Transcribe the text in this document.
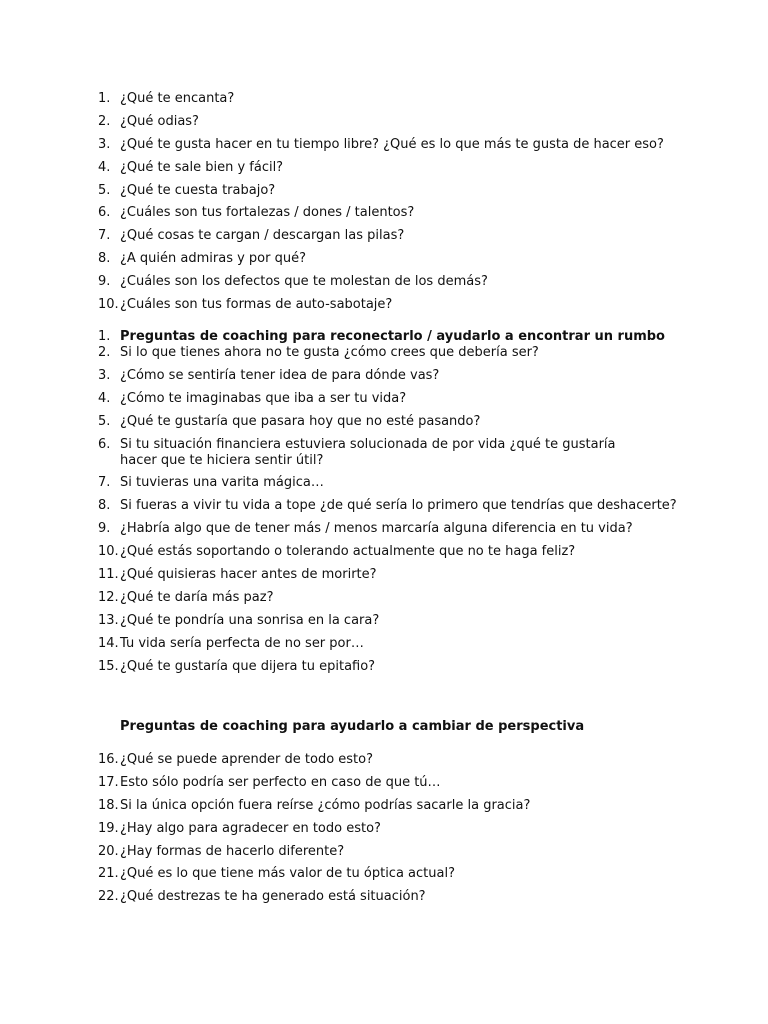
1. ¿Qué te encanta?
2. ¿Qué odias?
3. ¿Qué te gusta hacer en tu tiempo libre? ¿Qué es lo que más te gusta de hacer eso?
4. ¿Qué te sale bien y fácil?
5. ¿Qué te cuesta trabajo?
6. ¿Cuáles son tus fortalezas / dones / talentos?
7. ¿Qué cosas te cargan / descargan las pilas?
8. ¿A quién admiras y por qué?
9. ¿Cuáles son los defectos que te molestan de los demás?
10. ¿Cuáles son tus formas de auto-sabotaje?
1. Preguntas de coaching para reconectarlo / ayudarlo a encontrar un rumbo
2. Si lo que tienes ahora no te gusta ¿cómo crees que debería ser?
3. ¿Cómo se sentiría tener idea de para dónde vas?
4. ¿Cómo te imaginabas que iba a ser tu vida?
5. ¿Qué te gustaría que pasara hoy que no esté pasando?
6. Si tu situación financiera estuviera solucionada de por vida ¿qué te gustaría hacer que te hiciera sentir útil?
7. Si tuvieras una varita mágica…
8. Si fueras a vivir tu vida a tope ¿de qué sería lo primero que tendrías que deshacerte?
9. ¿Habría algo que de tener más / menos marcaría alguna diferencia en tu vida?
10. ¿Qué estás soportando o tolerando actualmente que no te haga feliz?
11. ¿Qué quisieras hacer antes de morirte?
12. ¿Qué te daría más paz?
13. ¿Qué te pondría una sonrisa en la cara?
14. Tu vida sería perfecta de no ser por…
15. ¿Qué te gustaría que dijera tu epitafio?
Preguntas de coaching para ayudarlo a cambiar de perspectiva
16. ¿Qué se puede aprender de todo esto?
17. Esto sólo podría ser perfecto en caso de que tú…
18. Si la única opción fuera reírse ¿cómo podrías sacarle la gracia?
19. ¿Hay algo para agradecer en todo esto?
20. ¿Hay formas de hacerlo diferente?
21. ¿Qué es lo que tiene más valor de tu óptica actual?
22. ¿Qué destrezas te ha generado está situación?
